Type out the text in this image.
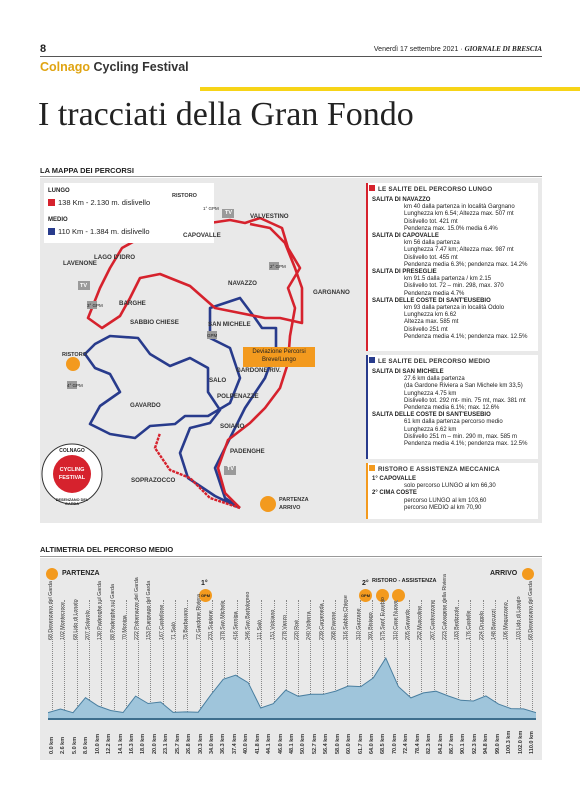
8	Venerdì 17 settembre 2021 · GIORNALE DI BRESCIA
Colnago Cycling Festival
I tracciati della Gran Fondo
LA MAPPA DEI PERCORSI
LUNGO
138 Km - 2.130 m. dislivello
MEDIO
110 Km - 1.384 m. dislivello
RISTORO
TV	VALVESTINO
CAPOVALLE
LAGO D'IDRO
LAVENONE
TV
BARGHE
SABBIO CHIESE
NAVAZZO
GARGNANO
SAN MICHELE
RISTORO
GARDONE RIV.
SALO
POLPENAZZE
GAVARDO
SOIANO
PADENGHE
TV
SOPRAZOCCO
PARTENZA
ARRIVO
1° GPM
2° GPM
3° GPM
GPM
4° GPM
Deviazione Percorsi Breve/Lungo
COLNAGO
CYCLING
FESTIVAL
DESENZANO DEL GARDA
LE SALITE DEL PERCORSO LUNGO
SALITA DI NAVAZZO
km 40 dalla partenza in località Gargnano
Lunghezza km 6.54; Altezza max. 507 mt
Dislivello tot. 421 mt
Pendenza max. 15.0% media 6.4%
SALITA DI CAPOVALLE
km 56 dalla partenza
Lunghezza 7.47 km; Altezza max. 987 mt
Dislivello tot. 455 mt
Pendenza media 6.3%; pendenza max. 14.2%
SALITA DI PRESEGLIE
km 91.5 dalla partenza / km 2.15
Dislivello tot. 72 – min. 298, max. 370
Pendenza media 4.7%
SALITA DELLE COSTE DI SANT'EUSEBIO
km 93 dalla partenza in località Odolo
Lunghezza km 6.62
Altezza max. 585 mt
Dislivello 251 mt
Pendenza media 4.1%; pendenza max. 12.5%
LE SALITE DEL PERCORSO MEDIO
SALITA DI SAN MICHELE
27.6 km dalla partenza
(da Gardone Riviera a San Michele km 33,5)
Lunghezza 4.75 km
Dislivello tot. 292 mt- min. 75 mt, max. 381 mt
Pendenza media 6.1%; max. 12.6%
SALITA DELLE COSTE DI SANT'EUSEBIO
61 km dalla partenza percorso medio
Lunghezza 6.62 km
Dislivello 251 m – min. 290 m, max. 585 m
Pendenza media 4.1%; pendenza max. 12.5%
RISTORO E ASSISTENZA MECCANICA
1° CAPOVALLE
solo percorso LUNGO al km 66,30
2° CIMA COSTE
percorso LUNGO al km 103,60
percorso MEDIO al km 70,90
ALTIMETRIA DEL PERCORSO MEDIO
PARTENZA	ARRIVO
1°
GPM
2° RISTORO - ASSISTENZA
GPM
68 Desenzano del Garda 102 Montecroce 68 Lido di Lonato 207 Solarolo 130 Padenghe sul Garda 88 Padenghe sul Garda 70 Moniga 222 Polpenazze del Garda 153 Puegnago del Garda 167 Castellone 71 Salò 75 Barbarano 72 Gardone Riviera 231 Supiane 378 San Michele 416 Serniga 346 San Bartolomeo 111 Salò 151 Volciano 278 Vanzo 220 Roè 240 Volterra 239 Carpeneda 268 Pavone 316 Sabbio Chiese 310 Gazzane 391 Bisiago 575 Sant' Eusebio 310 Case Nuove 205 Gavardo 252 Muscoline 267 Castrezzone 223 Calvagese della Riviera 183 Bedizzole 176 Castelle 224 Drugolo 148 Barcuzzi 106 Maguzzano 103 Lido di Lonato 68 Desenzano del Garda
0.0 km 2.6 km 5.0 km 8.0 km 10.0 km 12.2 km 14.1 km 16.3 km 18.0 km 20.0 km 23.1 km 25.7 km 26.8 km 30.3 km 34.0 km 36.3 km 37.4 km 40.0 km 41.8 km 44.1 km 46.0 km 48.1 km 50.0 km 52.7 km 56.4 km 58.0 km 60.0 km 61.7 km 64.0 km 68.5 km 70.0 km 72.4 km 78.4 km 82.3 km 84.2 km 86.7 km 90.1 km 92.3 km 94.8 km 99.0 km 100.3 km 102.0 km 110.0 km
